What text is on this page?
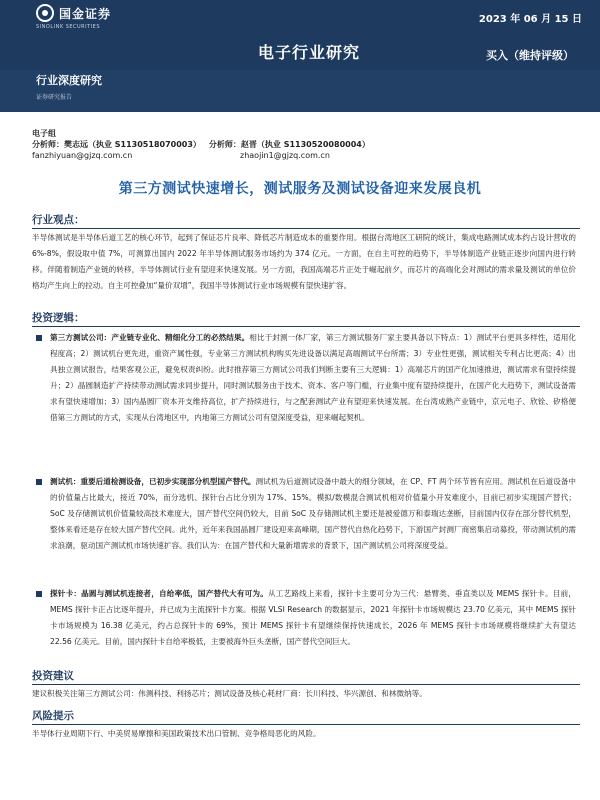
国金证券
SINOLINK SECURITIES
2023 年 06 月 15 日
电子行业研究	买入（维持评级）
行业深度研究
证券研究报告
电子组
分析师：樊志远（执业 S1130518070003） 分析师：赵晋（执业 S1130520080004）
fanzhiyuan@gjzq.com.cn	zhaojin1@gjzq.com.cn
第三方测试快速增长，测试服务及测试设备迎来发展良机
行业观点：
半导体测试是半导体后道工艺的核心环节，起到了保证芯片良率、降低芯片制造成本的重要作用。根据台湾地区工研院的统计，集成电路测试成本约占设计营收的 6%-8%，假设取中值 7%，可测算出国内 2022 年半导体测试服务市场约为 374 亿元。一方面，在自主可控的趋势下，半导体制造产业链正逐步向国内进行转移。伴随着制造产业链的转移，半导体测试行业有望迎来快速发展。另一方面，我国高端芯片正处于崛起前夕，而芯片的高端化会对测试的需求量及测试的单位价格均产生向上的拉动。自主可控叠加“量价双增”，我国半导体测试行业市场规模有望快速扩容。
投资逻辑：
第三方测试公司：产业链专业化、精细化分工的必然结果。相比于封测一体厂家，第三方测试服务厂家主要具备以下特点：1）测试平台更具多样性，适用化程度高；2）测试机台更先进，重资产属性强，专业第三方测试机构购买先进设备以满足高端测试平台所需；3）专业性更强，测试相关专利占比更高；4）出具独立测试报告，结果客观公正，避免权责纠纷。此时推荐第三方测试公司我们判断主要有三大逻辑：1）高端芯片的国产化加速推进，测试需求有望持续提升；2）晶圆制造扩产持续带动测试需求同步提升，同时测试服务由于技术、资本、客户等门槛，行业集中度有望持续提升，在国产化大趋势下，测试设备需求有望快速增加；3）国内晶圆厂资本开支维持高位，扩产持续进行，与之配套测试产业有望迎来快速发展。在台湾成熟产业链中，京元电子、欣铨、矽格便借第三方测试的方式，实现从台湾地区中，内地第三方测试公司有望深度受益，迎来崛起契机。
测试机：重要后道检测设备，已初步实现部分机型国产替代。测试机为后道测试设备中最大的细分领域，在 CP、FT 两个环节皆有应用。测试机在后道设备中的价值量占比最大，接近 70%，而分选机、探针台占比分别为 17%、15%。模拟/数模混合测试机相对价值量小开发难度小，目前已初步实现国产替代；SoC 及存储测试机价值量较高技术难度大，国产替代空间仍较大，目前 SoC 及存储测试机主要还是被爱德万和泰瑞达垄断，目前国内仅存在部分替代机型，整体来看还是存在较大国产替代空间。此外，近年来我国晶圆厂建设迎来高峰期，国产替代自热化趋势下，下游国产封测厂商密集启动募投，带动测试机的需求浪潮，驱动国产测试机市场快速扩容。我们认为：在国产替代和大量新增需求的背景下，国产测试机公司将深度受益。
探针卡：晶圆与测试机连接者，自给率低，国产替代大有可为。从工艺路线上来看，探针卡主要可分为三代：悬臂类、垂直类以及 MEMS 探针卡。目前，MEMS 探针卡正占比逐年提升，并已成为主流探针卡方案。根据 VLSI Research 的数据显示，2021 年探针卡市场规模达 23.70 亿美元，其中 MEMS 探针卡市场规模为 16.38 亿美元，约占总探针卡的 69%，预计 MEMS 探针卡有望继续保持快速成长，2026 年 MEMS 探针卡市场规模将继续扩大有望达 22.56 亿美元。目前，国内探针卡自给率极低，主要被海外巨头垄断，国产替代空间巨大。
投资建议
建议积极关注第三方测试公司：伟测科技、利扬芯片；测试设备及核心耗材厂商：长川科技、华兴源创、和林微纳等。
风险提示
半导体行业周期下行、中美贸易摩擦和美国政策技术出口管制、竞争格局恶化的风险。
